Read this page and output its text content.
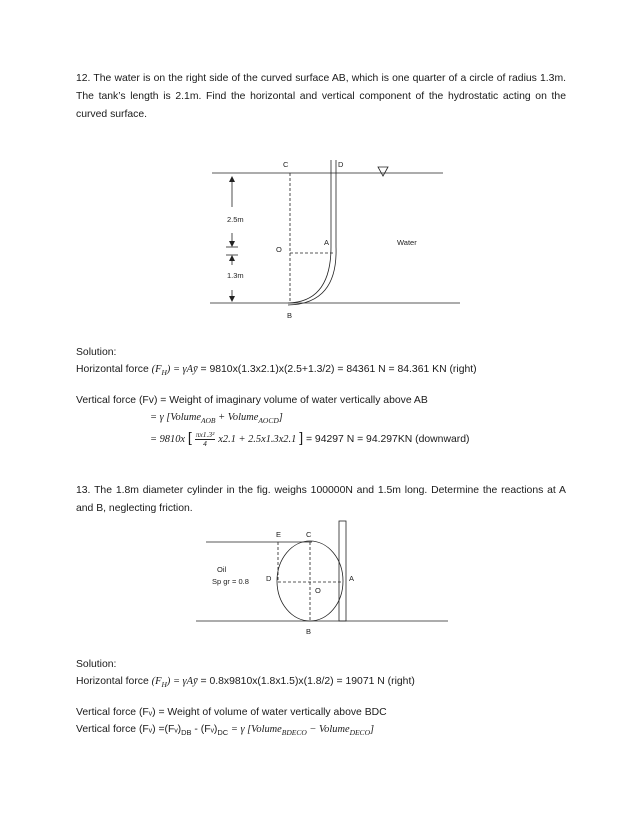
12. The water is on the right side of the curved surface AB, which is one quarter of a circle of radius 1.3m. The tank’s length is 2.1m. Find the horizontal and vertical component of the hydrostatic acting on the curved surface.
C	D
O
A
B
Water
2.5m
1.3m
Solution:
Horizontal force $(F_H)$ = γAȳ = 9810x(1.3x2.1)x(2.5+1.3/2) = 84361 N = 84.361 KN (right)
Vertical force (Fv) = Weight of imaginary volume of water vertically above AB
= γ [Volume$_{AOB}$ + Volume$_{AOCD}$]
= 9810x [ $\frac{\text{πx1.3²}}{4} x2.1 + 2.5x1.3x2.1$ ] = 94297 N = 94.297KN (downward)
13. The 1.8m diameter cylinder in the fig. weighs 100000N and 1.5m long. Determine the reactions at A and B, neglecting friction.
E	C
D
O
A
B
Oil
Sp gr = 0.8
Solution:
Horizontal force $(F_H)$ = γAȳ = 0.8x9810x(1.8x1.5)x(1.8/2) = 19071 N (right)
Vertical force (Fᵥ) = Weight of volume of water vertically above BDC
Vertical force (Fᵥ) $=(Fᵥ)_{DB}$ - $(Fᵥ)_{DC} = \gamma$ [Volume$_{BDECO}$ − Volume$_{DECO}$]
